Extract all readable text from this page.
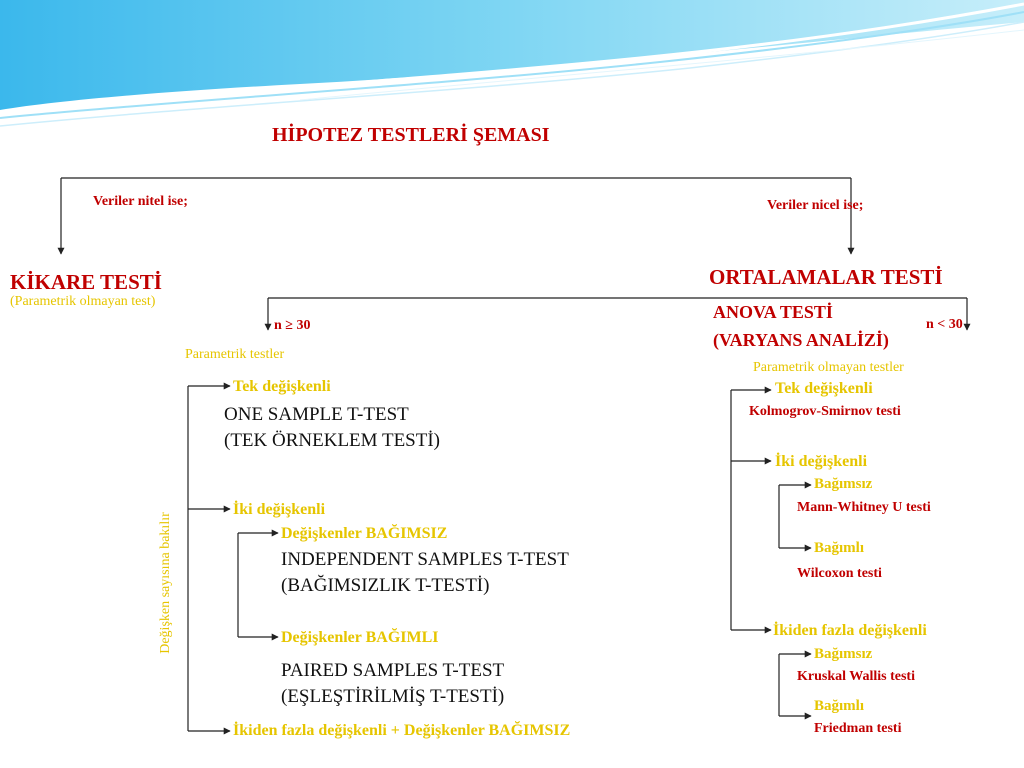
HİPOTEZ TESTLERİ ŞEMASI
Veriler nitel ise;
KİKARE TESTİ
(Parametrik olmayan test)
Veriler nicel ise;
ORTALAMALAR TESTİ
ANOVA TESTİ
(VARYANS ANALİZİ)
n ≥ 30
Parametrik testler
Değişken sayısına bakılır
Tek değişkenli
ONE SAMPLE T-TEST
(TEK ÖRNEKLEM TESTİ)
İki değişkenli
Değişkenler BAĞIMSIZ
INDEPENDENT SAMPLES T-TEST
(BAĞIMSIZLIK T-TESTİ)
Değişkenler BAĞIMLI
PAIRED SAMPLES T-TEST
(EŞLEŞTİRİLMİŞ T-TESTİ)
İkiden fazla değişkenli + Değişkenler BAĞIMSIZ
n < 30
Parametrik olmayan testler
Tek değişkenli
Kolmogrov-Smirnov testi
İki değişkenli
Bağımsız
Mann-Whitney U testi
Bağımlı
Wilcoxon testi
İkiden fazla değişkenli
Bağımsız
Kruskal Wallis testi
Bağımlı
Friedman testi
